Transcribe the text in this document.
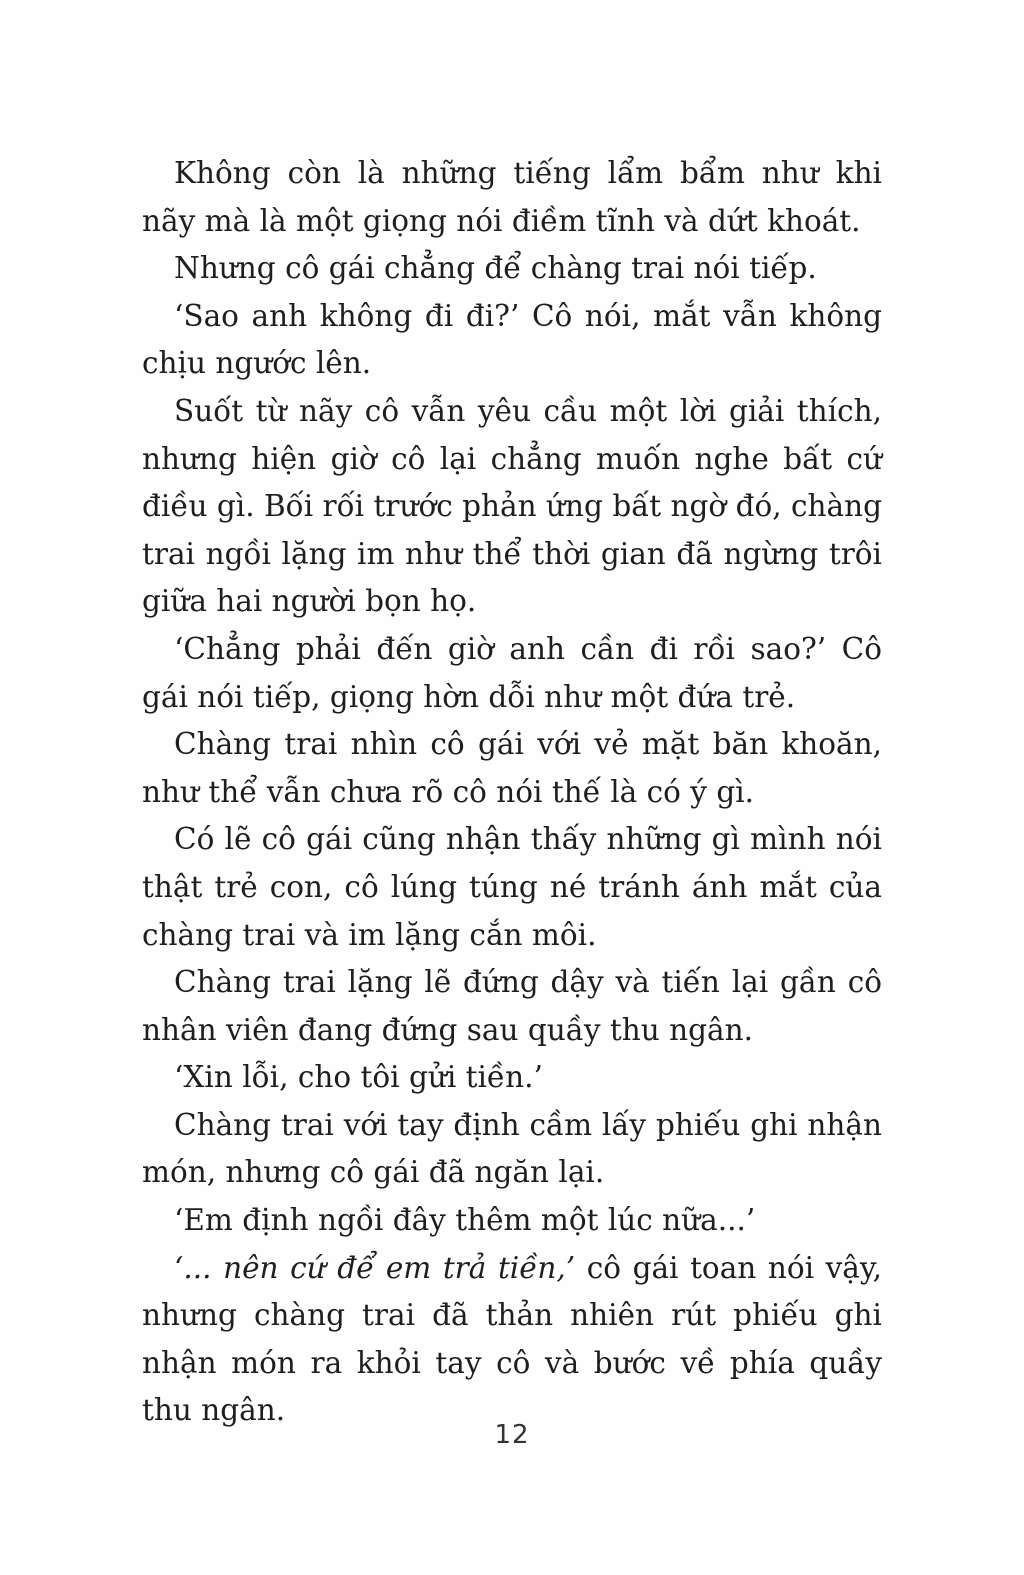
Không còn là những tiếng lẩm bẩm như khi nãy mà là một giọng nói điềm tĩnh và dứt khoát.

Nhưng cô gái chẳng để chàng trai nói tiếp.

‘Sao anh không đi đi?’ Cô nói, mắt vẫn không chịu ngước lên.

Suốt từ nãy cô vẫn yêu cầu một lời giải thích, nhưng hiện giờ cô lại chẳng muốn nghe bất cứ điều gì. Bối rối trước phản ứng bất ngờ đó, chàng trai ngồi lặng im như thể thời gian đã ngừng trôi giữa hai người bọn họ.

‘Chẳng phải đến giờ anh cần đi rồi sao?’ Cô gái nói tiếp, giọng hờn dỗi như một đứa trẻ.

Chàng trai nhìn cô gái với vẻ mặt băn khoăn, như thể vẫn chưa rõ cô nói thế là có ý gì.

Có lẽ cô gái cũng nhận thấy những gì mình nói thật trẻ con, cô lúng túng né tránh ánh mắt của chàng trai và im lặng cắn môi.

Chàng trai lặng lẽ đứng dậy và tiến lại gần cô nhân viên đang đứng sau quầy thu ngân.

‘Xin lỗi, cho tôi gửi tiền.’

Chàng trai với tay định cầm lấy phiếu ghi nhận món, nhưng cô gái đã ngăn lại.

‘Em định ngồi đây thêm một lúc nữa...’

‘... nên cứ để em trả tiền,’ cô gái toan nói vậy, nhưng chàng trai đã thản nhiên rút phiếu ghi nhận món ra khỏi tay cô và bước về phía quầy thu ngân.

12
